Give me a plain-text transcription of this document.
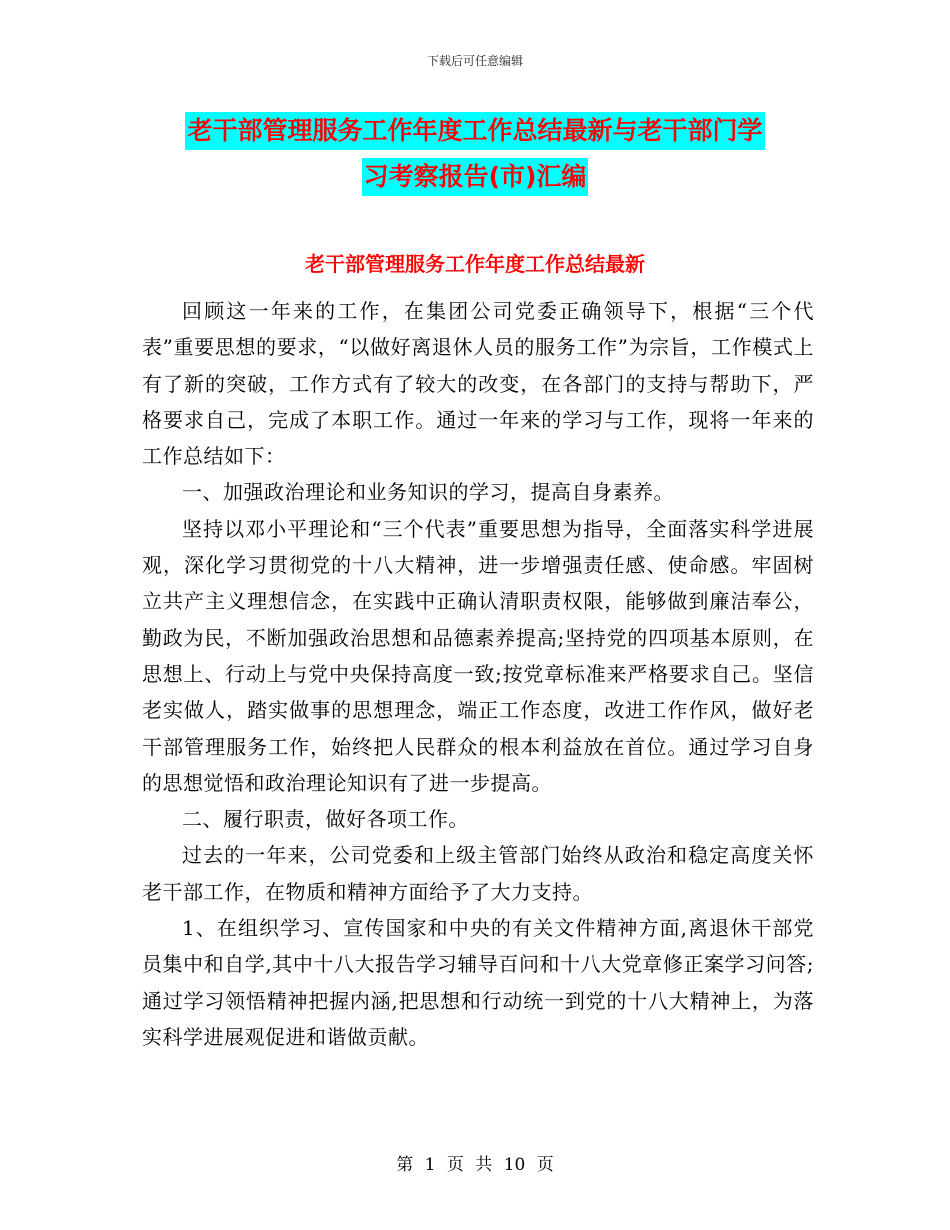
下载后可任意编辑
老干部管理服务工作年度工作总结最新与老干部门学
习考察报告(市)汇编
老干部管理服务工作年度工作总结最新

回顾这一年来的工作，在集团公司党委正确领导下，根据“三个代表”重要思想的要求，“以做好离退休人员的服务工作”为宗旨，工作模式上有了新的突破，工作方式有了较大的改变，在各部门的支持与帮助下，严格要求自己，完成了本职工作。通过一年来的学习与工作，现将一年来的工作总结如下：

一、加强政治理论和业务知识的学习，提高自身素养。

坚持以邓小平理论和“三个代表”重要思想为指导，全面落实科学进展观，深化学习贯彻党的十八大精神，进一步增强责任感、使命感。牢固树立共产主义理想信念，在实践中正确认清职责权限，能够做到廉洁奉公，勤政为民，不断加强政治思想和品德素养提高;坚持党的四项基本原则，在思想上、行动上与党中央保持高度一致;按党章标准来严格要求自己。坚信老实做人，踏实做事的思想理念，端正工作态度，改进工作作风，做好老干部管理服务工作，始终把人民群众的根本利益放在首位。通过学习自身的思想觉悟和政治理论知识有了进一步提高。

二、履行职责，做好各项工作。

过去的一年来，公司党委和上级主管部门始终从政治和稳定高度关怀老干部工作，在物质和精神方面给予了大力支持。

1、在组织学习、宣传国家和中央的有关文件精神方面,离退休干部党员集中和自学,其中十八大报告学习辅导百问和十八大党章修正案学习问答;通过学习领悟精神把握内涵,把思想和行动统一到党的十八大精神上，为落实科学进展观促进和谐做贡献。

第 1 页 共 10 页
